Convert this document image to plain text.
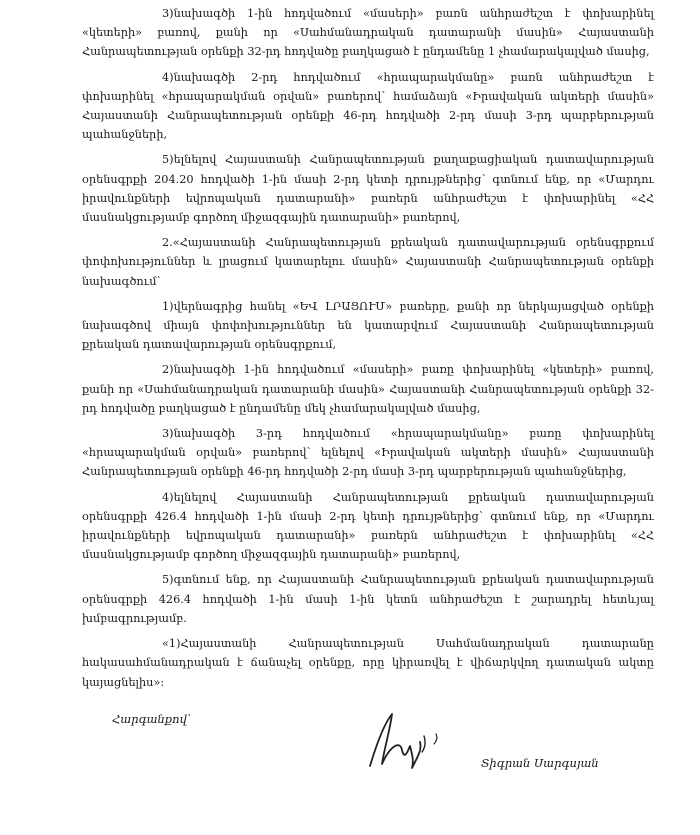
3)նախագծի 1-ին հոդվածում «մասերի» բառն անհրաժեշտ է փոխարինել «կետերի» բառով, քանի որ «Սահմանադրական դատարանի մասին» Հայաստանի Հանրապետության օրենքի 32-րդ հոդվածը բաղկացած է ընդամենը 1 չհամարակալված մասից,

4)նախագծի 2-րդ հոդվածում «հրապարակմանը» բառն անհրաժեշտ է փոխարինել «հրապարակման օրվան» բառերով՝ համաձայն «Իրավական ակտերի մասին» Հայաստանի Հանրապետության օրենքի 46-րդ հոդվածի 2-րդ մասի 3-րդ պարբերության պահանջների,

5)ելնելով Հայաստանի Հանրապետության քաղաքացիական դատավարության օրենսգրքի 204.20 հոդվածի 1-ին մասի 2-րդ կետի դրույթներից՝ գտնում ենք, որ «Մարդու իրավունքների եվրոպական դատարանի» բառերն անհրաժեշտ է փոխարինել «ՀՀ մասնակցությամբ գործող միջազգային դատարանի» բառերով,

2.«Հայաստանի Հանրապետության քրեական դատավարության օրենսգրքում փոփոխություններ և լրացում կատարելու մասին» Հայաստանի Հանրապետության օրենքի նախագծում՝

1)վերնագրից հանել «ԵՎ ԼՐԱՑՈՒՄ» բառերը, քանի որ ներկայացված օրենքի նախագծով միայն փոփոխություններ են կատարվում Հայաստանի Հանրապետության քրեական դատավարության օրենսգրքում,

2)նախագծի 1-ին հոդվածում «մասերի» բառը փոխարինել «կետերի» բառով, քանի որ «Սահմանադրական դատարանի մասին» Հայաստանի Հանրապետության օրենքի 32-րդ հոդվածը բաղկացած է ընդամենը մեկ չհամարակալված մասից,

3)նախագծի 3-րդ հոդվածում «հրապարակմանը» բառը փոխարինել «հրապարակման օրվան» բառերով՝ ելնելով «Իրավական ակտերի մասին» Հայաստանի Հանրապետության օրենքի 46-րդ հոդվածի 2-րդ մասի 3-րդ պարբերության պահանջներից,

4)ելնելով Հայաստանի Հանրապետության քրեական դատավարության օրենսգրքի 426.4 հոդվածի 1-ին մասի 2-րդ կետի դրույթներից՝ գտնում ենք, որ «Մարդու իրավունքների եվրոպական դատարանի» բառերն անհրաժեշտ է փոխարինել «ՀՀ մասնակցությամբ գործող միջազգային դատարանի» բառերով,

5)գտնում ենք, որ Հայաստանի Հանրապետության քրեական դատավարության օրենսգրքի 426.4 հոդվածի 1-ին մասի 1-ին կետն անհրաժեշտ է շարադրել հետևյալ խմբագրությամբ.

«1)Հայաստանի Հանրապետության Սահմանադրական դատարանը հակասահմանադրական է ճանաչել օրենքը, որը կիրառվել է վիճարկվող դատական ակտը կայացնելիս»:

Հարգանքով՝
Տիգրան Սարգսյան
